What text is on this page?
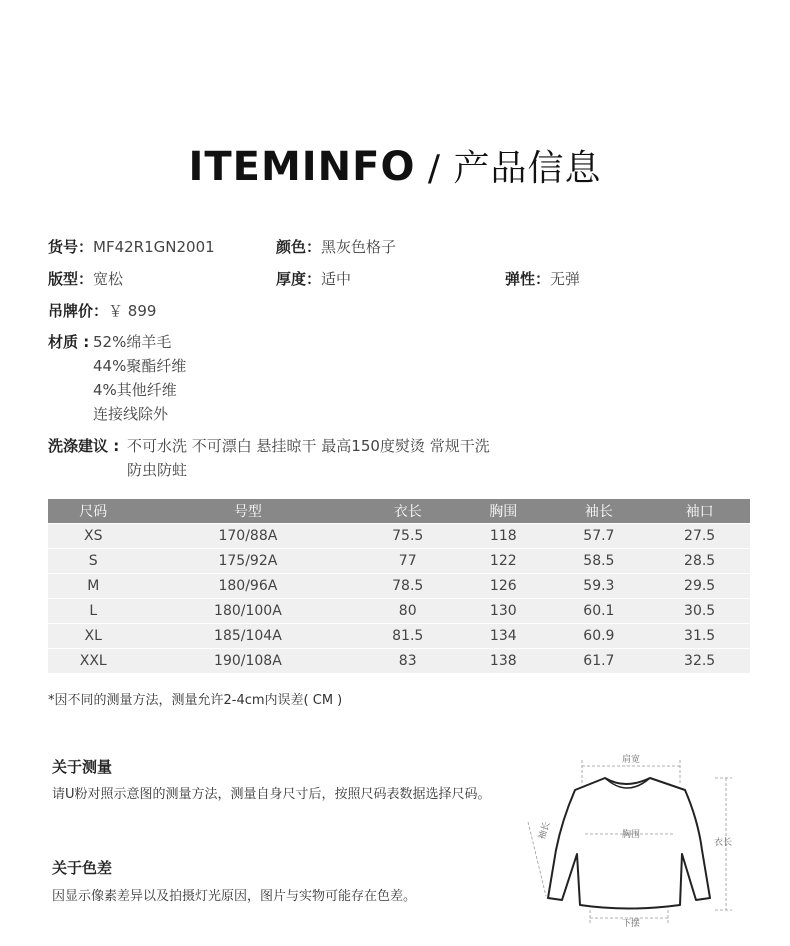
ITEMINFO / 产品信息
货号：MF42R1GN2001	颜色：黑灰色格子
版型：宽松	厚度：适中	弹性：无弹
吊牌价：￥ 899
材质 : 52%绵羊毛
44%聚酯纤维
4%其他纤维
连接线除外
洗涤建议 : 不可水洗 不可漂白 悬挂晾干 最高150度熨烫 常规干洗
防虫防蛀
尺码	号型	衣长	胸围	袖长	袖口
XS	170/88A	75.5	118	57.7	27.5
S	175/92A	77	122	58.5	28.5
M	180/96A	78.5	126	59.3	29.5
L	180/100A	80	130	60.1	30.5
XL	185/104A	81.5	134	60.9	31.5
XXL	190/108A	83	138	61.7	32.5
*因不同的测量方法，测量允许2-4cm内误差( CM )
关于测量
请U粉对照示意图的测量方法，测量自身尺寸后，按照尺码表数据选择尺码。
关于色差
因显示像素差异以及拍摄灯光原因，图片与实物可能存在色差。
肩宽
胸围
衣长
下摆
袖长
